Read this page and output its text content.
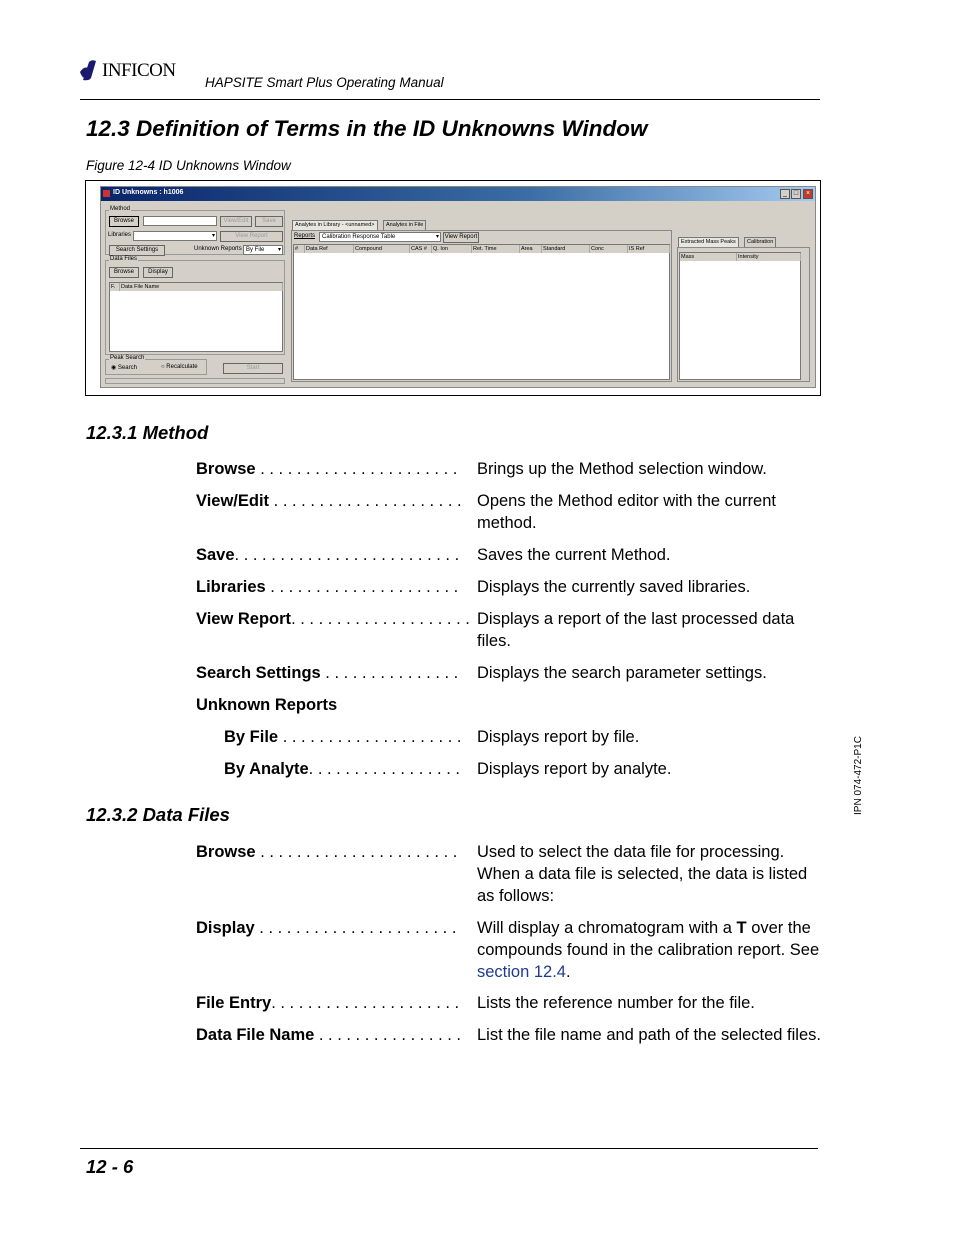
INFICON
HAPSITE Smart Plus Operating Manual
12.3 Definition of Terms in the ID Unknowns Window
Figure 12-4 ID Unknowns Window
ID Unknowns : h1006	_ □	×
Method
Browse	View/Edit	Save
Libraries	▾	View Report
Search Settings	Unknown Reports By File ▾
Data Files
Browse	Display
F.	Data File Name
Peak Search
◉ Search	○ Recalculate	Start
Analytes in Library - <unnamed>	Analytes in File
Reports	Calibration Response Table	▾ View Report
#	Data Ref	Compound	CAS #	Q. Ion	Ret. Time	Area	Standard	Conc	IS Ref
Extracted Mass Peaks	Calibration
Mass	Intensity
12.3.1 Method
Browse . . . . . . . . . . . . . . . . . . . . . .	Brings up the Method selection window.
View/Edit . . . . . . . . . . . . . . . . . . . . . Opens the Method editor with the current method.
Save. . . . . . . . . . . . . . . . . . . . . . . . .	Saves the current Method.
Libraries . . . . . . . . . . . . . . . . . . . . .	Displays the currently saved libraries.
View Report. . . . . . . . . . . . . . . . . . . . Displays a report of the last processed data files.
Search Settings . . . . . . . . . . . . . . .	Displays the search parameter settings.
Unknown Reports
By File . . . . . . . . . . . . . . . . . . . . Displays report by file.
By Analyte. . . . . . . . . . . . . . . . .	Displays report by analyte.
12.3.2 Data Files
Browse . . . . . . . . . . . . . . . . . . . . . .	Used to select the data file for processing. When a data file is selected, the data is listed as follows:
Display . . . . . . . . . . . . . . . . . . . . . .	Will display a chromatogram with a T over the compounds found in the calibration report. See section 12.4.
File Entry. . . . . . . . . . . . . . . . . . . . .	Lists the reference number for the file.
Data File Name . . . . . . . . . . . . . . . . List the file name and path of the selected files.
IPN 074-472-P1C
12 - 6
